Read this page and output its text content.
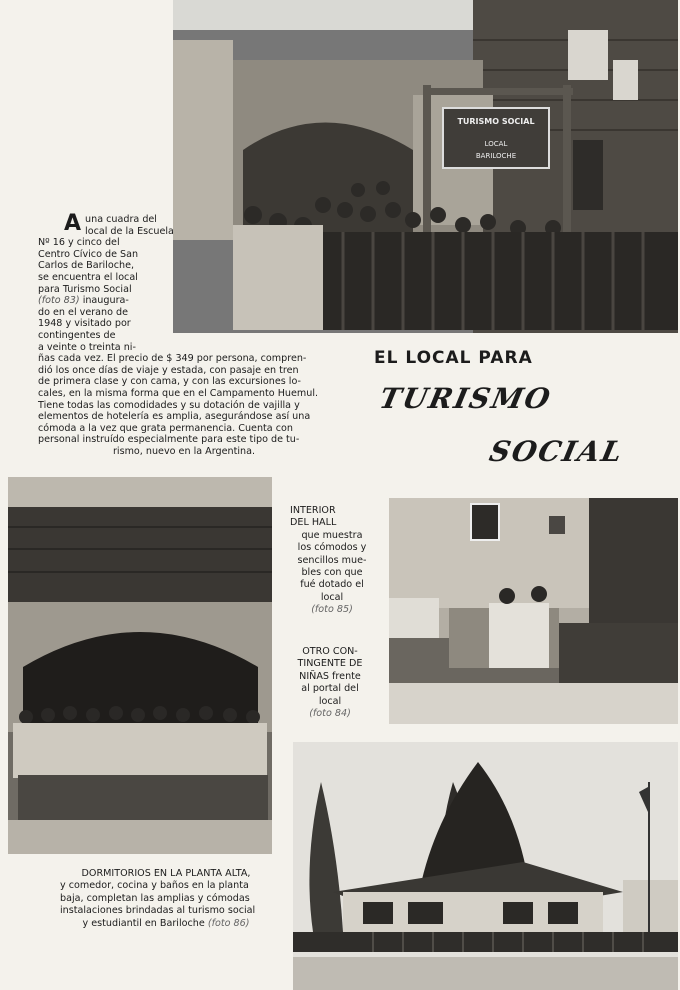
TURISMO SOCIAL
LOCAL
BARILOCHE
A una cuadra del
local de la Escuela
Nº 16 y cinco del
Centro Cívico de San
Carlos de Bariloche,
se encuentra el local
para Turismo Social
(foto 83) inaugura-
do en el verano de
1948 y visitado por
contingentes de
a veinte o treinta ni-
ñas cada vez. El precio de $ 349 por persona, compren-
dió los once días de viaje y estada, con pasaje en tren
de primera clase y con cama, y con las excursiones lo-
cales, en la misma forma que en el Campamento Huemul.
Tiene todas las comodidades y su dotación de vajilla y
elementos de hotelería es amplia, asegurándose así una
cómoda a la vez que grata permanencia. Cuenta con
personal instruído especialmente para este tipo de tu-
rismo, nuevo en la Argentina.
EL LOCAL PARA
TURISMO
SOCIAL
INTERIOR
DEL HALL
que muestra
los cómodos y
sencillos mue-
bles con que
fué dotado el
local
(foto 85)
OTRO CON-
TINGENTE DE
NIÑAS frente
al portal del
local
(foto 84)
DORMITORIOS EN LA PLANTA ALTA,
y comedor, cocina y baños en la planta
baja, completan las amplias y cómodas
instalaciones brindadas al turismo social
y estudiantil en Bariloche (foto 86)
